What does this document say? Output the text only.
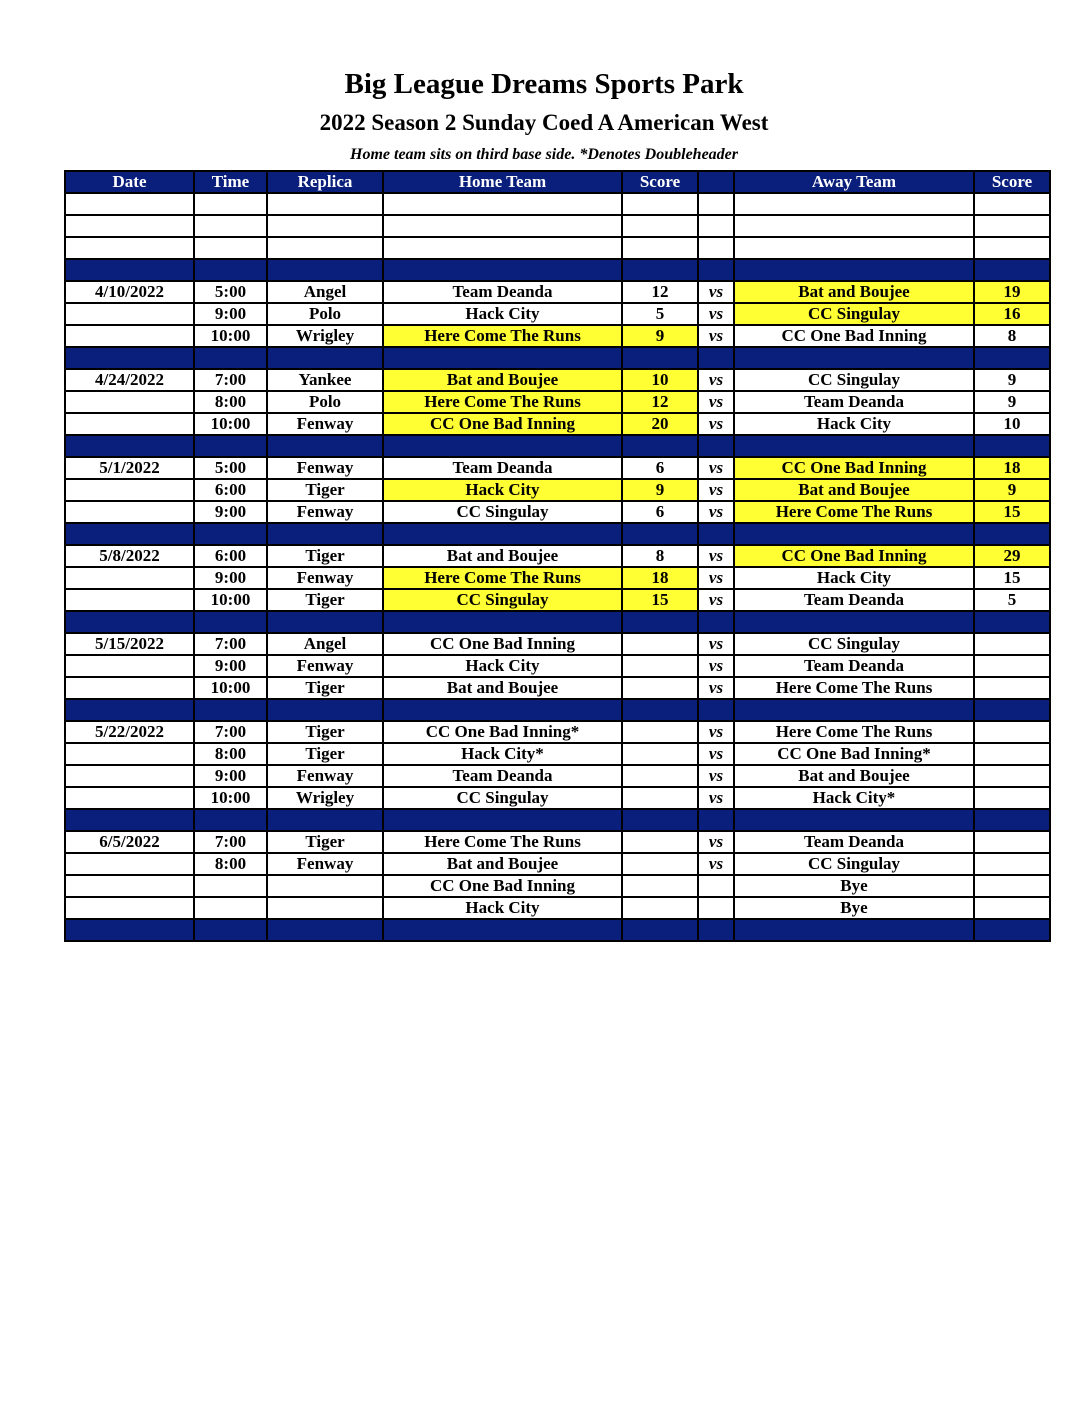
Big League Dreams Sports Park
2022 Season 2 Sunday Coed A American West
Home team sits on third base side. *Denotes Doubleheader
Date	Time	Replica	Home Team	Score		Away Team	Score

4/10/2022	5:00	Angel	Team Deanda	12	vs	Bat and Boujee	19
	9:00	Polo	Hack City	5	vs	CC Singulay	16
	10:00	Wrigley	Here Come The Runs	9	vs	CC One Bad Inning	8

4/24/2022	7:00	Yankee	Bat and Boujee	10	vs	CC Singulay	9
	8:00	Polo	Here Come The Runs	12	vs	Team Deanda	9
	10:00	Fenway	CC One Bad Inning	20	vs	Hack City	10

5/1/2022	5:00	Fenway	Team Deanda	6	vs	CC One Bad Inning	18
	6:00	Tiger	Hack City	9	vs	Bat and Boujee	9
	9:00	Fenway	CC Singulay	6	vs	Here Come The Runs	15

5/8/2022	6:00	Tiger	Bat and Boujee	8	vs	CC One Bad Inning	29
	9:00	Fenway	Here Come The Runs	18	vs	Hack City	15
	10:00	Tiger	CC Singulay	15	vs	Team Deanda	5

5/15/2022	7:00	Angel	CC One Bad Inning		vs	CC Singulay	
	9:00	Fenway	Hack City		vs	Team Deanda	
	10:00	Tiger	Bat and Boujee		vs	Here Come The Runs	

5/22/2022	7:00	Tiger	CC One Bad Inning*		vs	Here Come The Runs	
	8:00	Tiger	Hack City*		vs	CC One Bad Inning*	
	9:00	Fenway	Team Deanda		vs	Bat and Boujee	
	10:00	Wrigley	CC Singulay		vs	Hack City*	

6/5/2022	7:00	Tiger	Here Come The Runs		vs	Team Deanda	
	8:00	Fenway	Bat and Boujee		vs	CC Singulay	
			CC One Bad Inning			Bye	
			Hack City			Bye	
